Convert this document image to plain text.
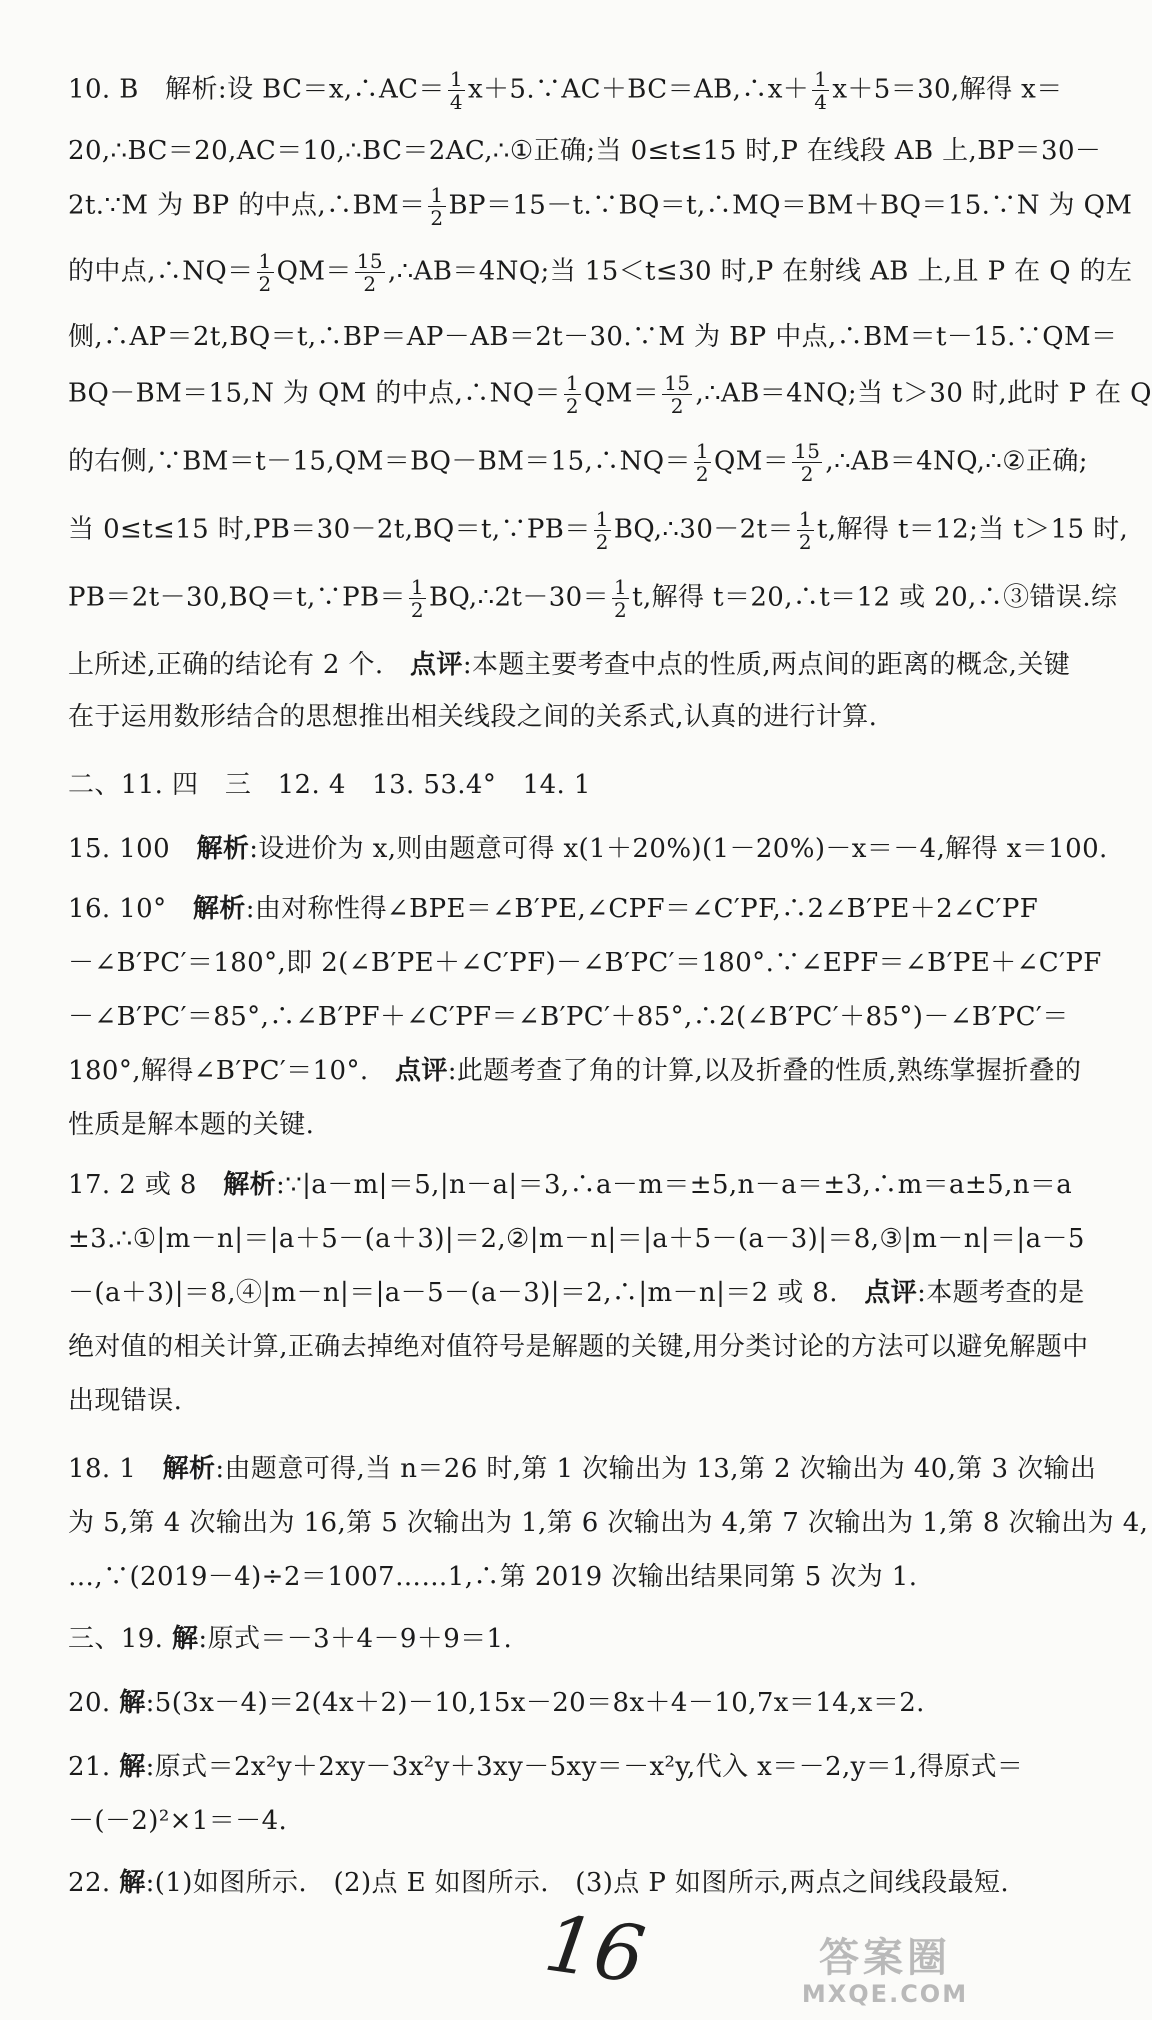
10. B　解析:设 BC＝x,∴AC＝ $\frac{1}{4}$ x＋5.∵AC＋BC＝AB,∴x＋ $\frac{1}{4} x+5=30$,解得 x＝
20,∴BC＝20,AC＝10,∴BC＝2AC,∴①正确;当 0≤t≤15 时,P 在线段 AB 上,BP＝30－
2t.∵M 为 BP 的中点,∴BM＝ $\frac{1}{2}$ BP＝15－t.∵BQ＝t,∴MQ＝BM＋BQ＝15.∵N 为 QM
的中点,∴NQ＝ $\frac{1}{2} QM= \frac{15}{2}$ ,∴AB＝4NQ;当 15＜t≤30 时,P 在射线 AB 上,且 P 在 Q 的左
侧,∴AP＝2t,BQ＝t,∴BP＝AP－AB＝2t－30.∵M 为 BP 中点,∴BM＝t－15.∵QM＝
BQ－BM＝15,N 为 QM 的中点,∴NQ＝ $\frac{1}{2} QM= \frac{15}{2}$ ,∴AB＝4NQ;当 t＞30 时,此时 P 在 Q
的右侧,∵BM＝t－15,QM＝BQ－BM＝15,∴NQ＝ $\frac{1}{2} QM= \frac{15}{2}$ ,∴AB＝4NQ,∴②正确;
当 0≤t≤15 时,PB＝30－2t,BQ＝t,∵PB＝ $\frac{1}{2}$ BQ,∴30－2t＝ $\frac{1}{2} t$,解得 t＝12;当 t＞15 时,
PB＝2t－30,BQ＝t,∵PB＝ $\frac{1}{2}$ BQ,∴2t－30＝ $\frac{1}{2} t$,解得 t＝20,∴t＝12 或 20,∴③错误.综
上所述,正确的结论有 2 个.　点评:本题主要考查中点的性质,两点间的距离的概念,关键
在于运用数形结合的思想推出相关线段之间的关系式,认真的进行计算.
二、11. 四　三　12. 4　13. 53.4°　14. 1
15. 100　解析:设进价为 x,则由题意可得 x(1＋20%)(1－20%)－x＝－4,解得 x＝100.
16. 10°　解析:由对称性得∠BPE＝∠B′PE,∠CPF＝∠C′PF,∴2∠B′PE＋2∠C′PF
－∠B′PC′＝180°,即 2(∠B′PE＋∠C′PF)－∠B′PC′＝180°.∵∠EPF＝∠B′PE＋∠C′PF
－∠B′PC′＝85°,∴∠B′PF＋∠C′PF＝∠B′PC′＋85°,∴2(∠B′PC′＋85°)－∠B′PC′＝
180°,解得∠B′PC′＝10°.　点评:此题考查了角的计算,以及折叠的性质,熟练掌握折叠的
性质是解本题的关键.
17. 2 或 8　解析:∵|a－m|＝5,|n－a|＝3,∴a－m＝±5,n－a＝±3,∴m＝a±5,n＝a
±3.∴①|m－n|＝|a＋5－(a＋3)|＝2,②|m－n|＝|a＋5－(a－3)|＝8,③|m－n|＝|a－5
－(a＋3)|＝8,④|m－n|＝|a－5－(a－3)|＝2,∴|m－n|＝2 或 8.　点评:本题考查的是
绝对值的相关计算,正确去掉绝对值符号是解题的关键,用分类讨论的方法可以避免解题中
出现错误.
18. 1　解析:由题意可得,当 n＝26 时,第 1 次输出为 13,第 2 次输出为 40,第 3 次输出
为 5,第 4 次输出为 16,第 5 次输出为 1,第 6 次输出为 4,第 7 次输出为 1,第 8 次输出为 4,
…,∵(2019－4)÷2＝1007……1,∴第 2019 次输出结果同第 5 次为 1.
三、19. 解:原式＝－3＋4－9＋9＝1.
20. 解:5(3x－4)＝2(4x＋2)－10,15x－20＝8x＋4－10,7x＝14,x＝2.
21. 解:原式＝2x²y＋2xy－3x²y＋3xy－5xy＝－x²y,代入 x＝－2,y＝1,得原式＝
－(－2)²×1＝－4.
22. 解:(1)如图所示.　(2)点 E 如图所示.　(3)点 P 如图所示,两点之间线段最短.
16	答案圈
MXQE.COM
